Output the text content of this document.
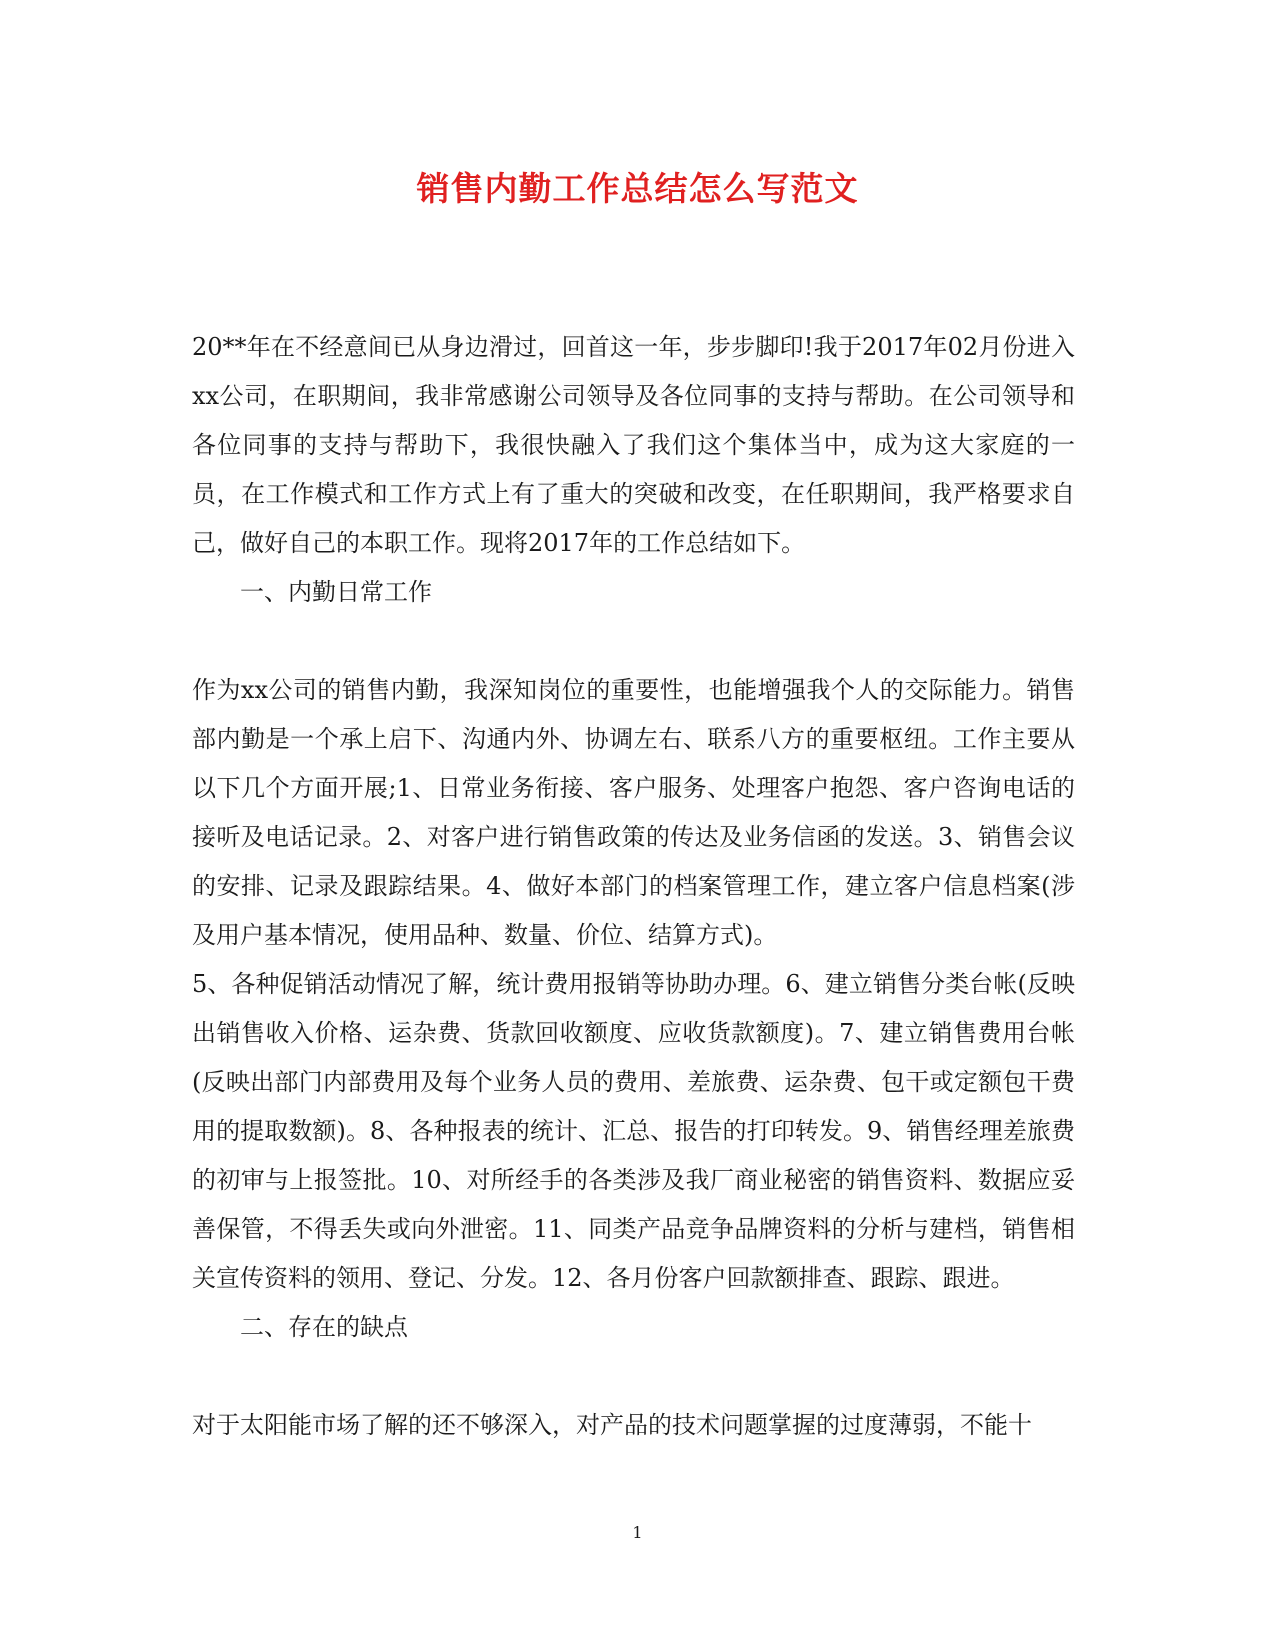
销售内勤工作总结怎么写范文

20**年在不经意间已从身边滑过，回首这一年，步步脚印!我于2017年02月份进入xx公司，在职期间，我非常感谢公司领导及各位同事的支持与帮助。在公司领导和各位同事的支持与帮助下，我很快融入了我们这个集体当中，成为这大家庭的一员，在工作模式和工作方式上有了重大的突破和改变，在任职期间，我严格要求自己，做好自己的本职工作。现将2017年的工作总结如下。

一、内勤日常工作

作为xx公司的销售内勤，我深知岗位的重要性，也能增强我个人的交际能力。销售部内勤是一个承上启下、沟通内外、协调左右、联系八方的重要枢纽。工作主要从以下几个方面开展;1、日常业务衔接、客户服务、处理客户抱怨、客户咨询电话的接听及电话记录。2、对客户进行销售政策的传达及业务信函的发送。3、销售会议的安排、记录及跟踪结果。4、做好本部门的档案管理工作，建立客户信息档案(涉及用户基本情况，使用品种、数量、价位、结算方式)。

5、各种促销活动情况了解，统计费用报销等协助办理。6、建立销售分类台帐(反映出销售收入价格、运杂费、货款回收额度、应收货款额度)。7、建立销售费用台帐(反映出部门内部费用及每个业务人员的费用、差旅费、运杂费、包干或定额包干费用的提取数额)。8、各种报表的统计、汇总、报告的打印转发。9、销售经理差旅费的初审与上报签批。10、对所经手的各类涉及我厂商业秘密的销售资料、数据应妥善保管，不得丢失或向外泄密。11、同类产品竞争品牌资料的分析与建档，销售相关宣传资料的领用、登记、分发。12、各月份客户回款额排查、跟踪、跟进。

二、存在的缺点

对于太阳能市场了解的还不够深入，对产品的技术问题掌握的过度薄弱，不能十

1
